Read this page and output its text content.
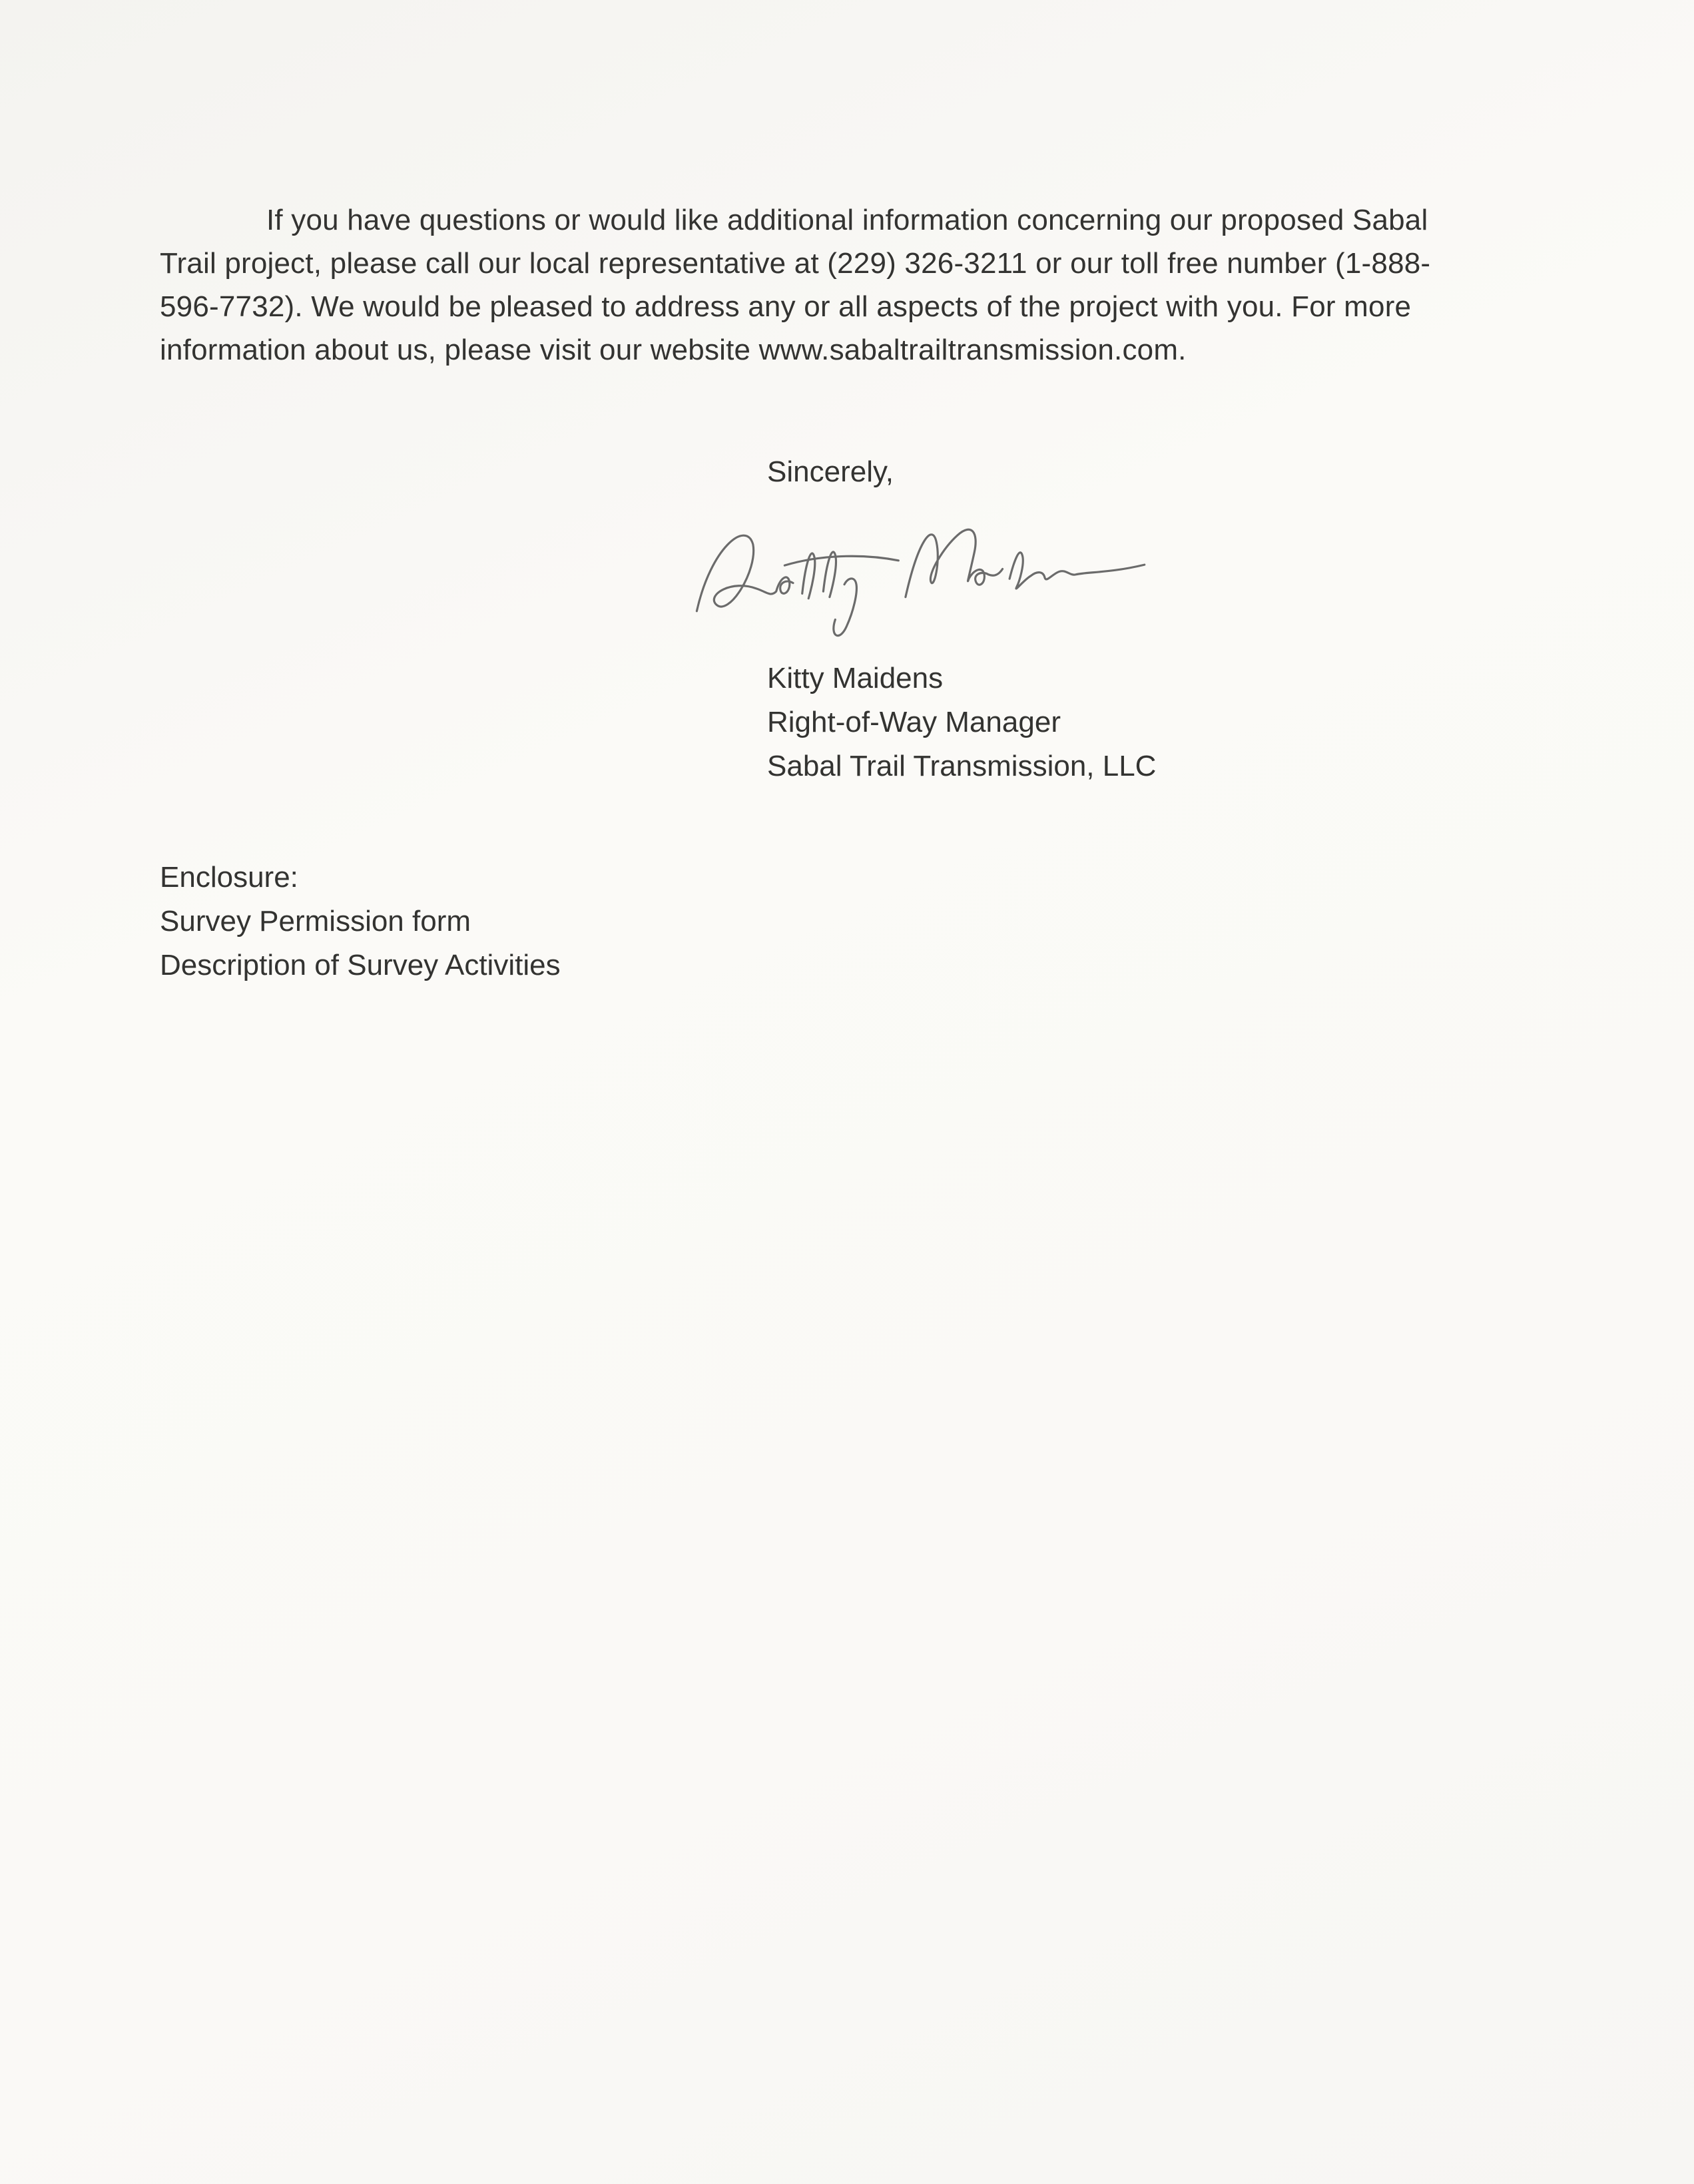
If you have questions or would like additional information concerning our proposed Sabal Trail project, please call our local representative at (229) 326-3211 or our toll free number (1-888-596-7732). We would be pleased to address any or all aspects of the project with you. For more information about us, please visit our website www.sabaltrailtransmission.com.

Sincerely,
Kitty Maidens
Right-of-Way Manager
Sabal Trail Transmission, LLC
Enclosure:
Survey Permission form
Description of Survey Activities
